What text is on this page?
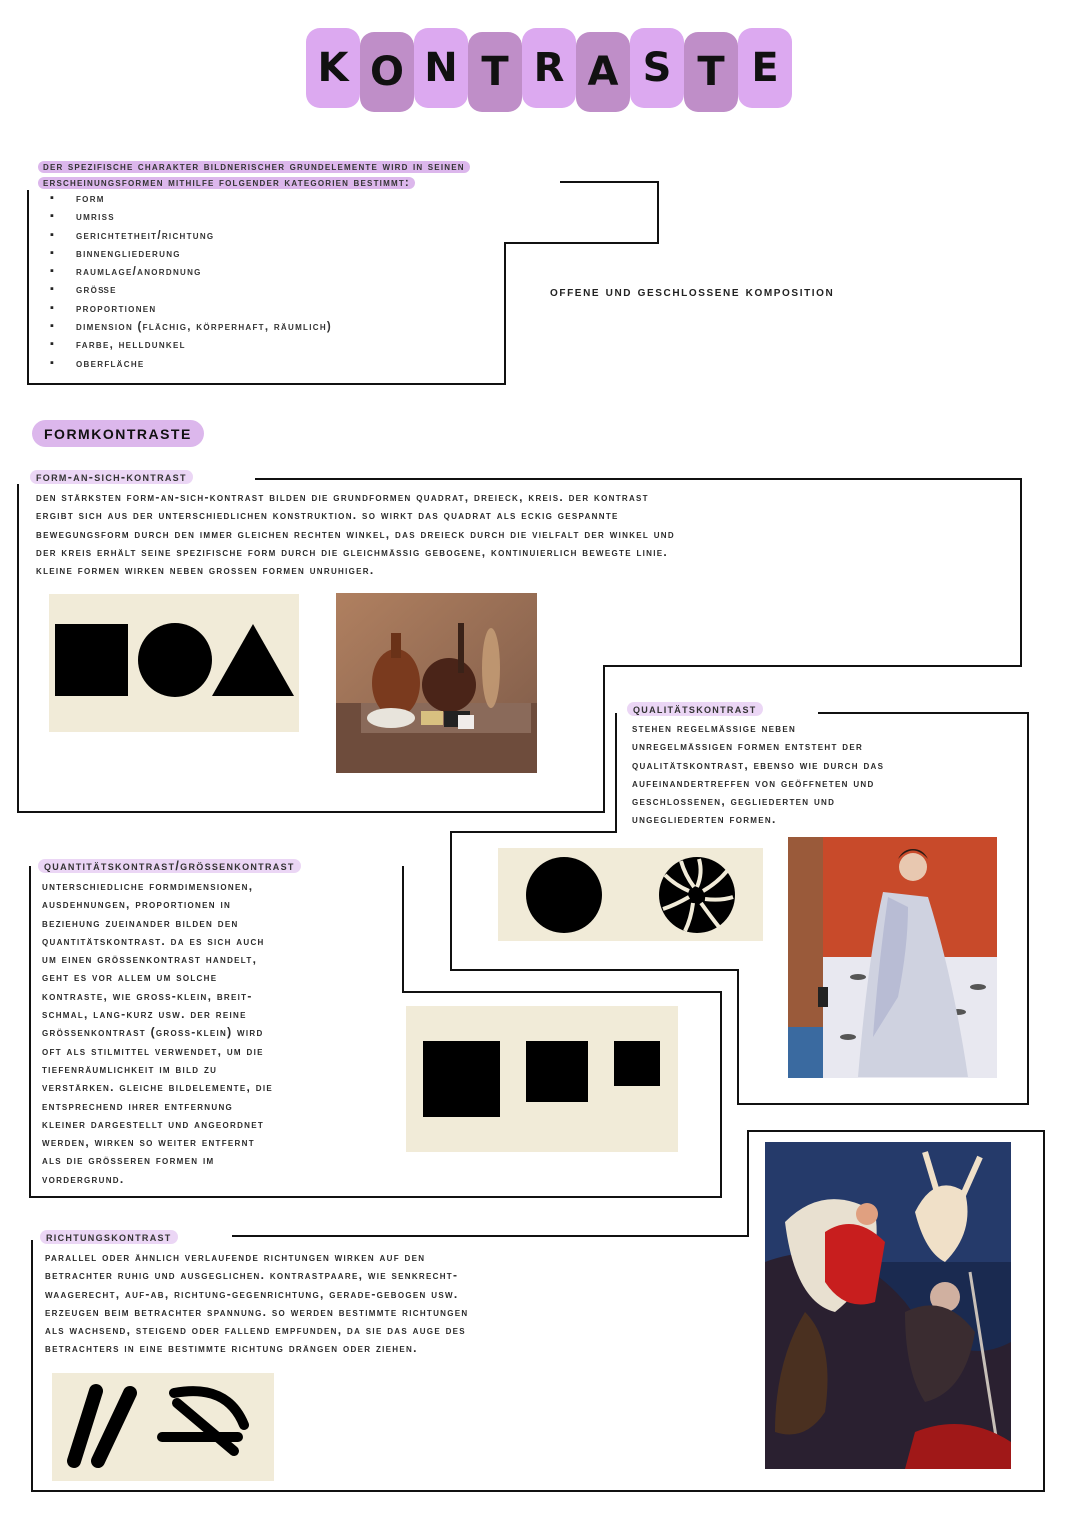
K O N T R A S T E
der spezifische charakter bildnerischer grundelemente wird in seinen
erscheinungsformen mithilfe folgender kategorien bestimmt:
▪ form
▪ umriss
▪ gerichtetheit/richtung
▪ binnengliederung
▪ raumlage/anordnung
▪ größe
▪ proportionen
▪ dimension (flächig, körperhaft, räumlich)
▪ farbe, helldunkel
▪ oberfläche
offene und geschlossene komposition
formkontraste
form-an-sich-kontrast
den stärksten form-an-sich-kontrast bilden die grundformen quadrat, dreieck, kreis. der kontrast
ergibt sich aus der unterschiedlichen konstruktion. so wirkt das quadrat als eckig gespannte
bewegungsform durch den immer gleichen rechten winkel, das dreieck durch die vielfalt der winkel und
der kreis erhält seine spezifische form durch die gleichmässig gebogene, kontinuierlich bewegte linie.
kleine formen wirken neben grossen formen unruhiger.
qualitätskontrast
stehen regelmässige neben
unregelmässigen formen entsteht der
qualitätskontrast, ebenso wie durch das
aufeinandertreffen von geöffneten und
geschlossenen, gegliederten und
ungegliederten formen.
quantitätskontrast/grössenkontrast
unterschiedliche formdimensionen,
ausdehnungen, proportionen in
beziehung zueinander bilden den
quantitätskontrast. da es sich auch
um einen grössenkontrast handelt,
geht es vor allem um solche
kontraste, wie gross-klein, breit-
schmal, lang-kurz usw. der reine
grössenkontrast (gross-klein) wird
oft als stilmittel verwendet, um die
tiefenräumlichkeit im bild zu
verstärken. gleiche bildelemente, die
entsprechend ihrer entfernung
kleiner dargestellt und angeordnet
werden, wirken so weiter entfernt
als die grösseren formen im
vordergrund.
richtungskontrast
parallel oder ähnlich verlaufende richtungen wirken auf den
betrachter ruhig und ausgeglichen. kontrastpaare, wie senkrecht-
waagerecht, auf-ab, richtung-gegenrichtung, gerade-gebogen usw.
erzeugen beim betrachter spannung. so werden bestimmte richtungen
als wachsend, steigend oder fallend empfunden, da sie das auge des
betrachters in eine bestimmte richtung drängen oder ziehen.
